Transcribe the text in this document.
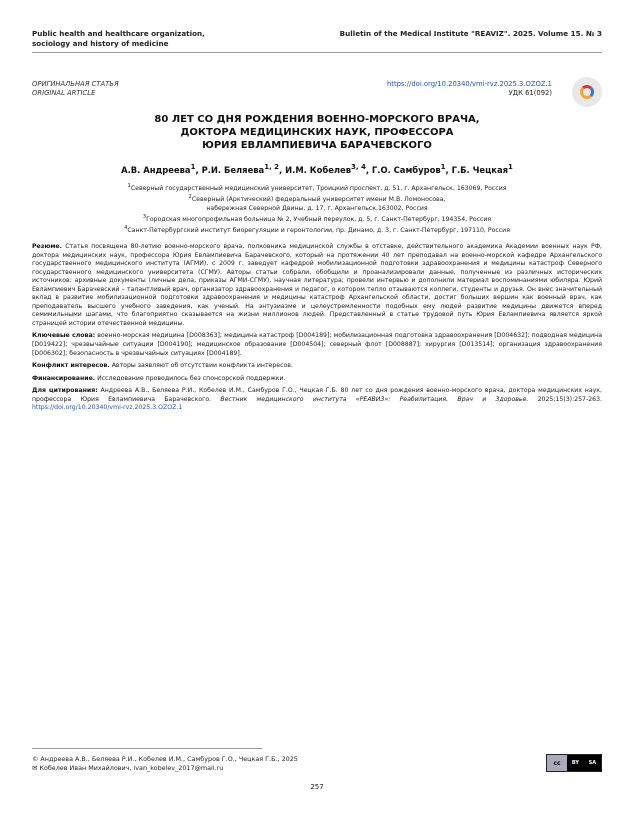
Public health and healthcare organization,
sociology and history of medicine
Bulletin of the Medical Institute "REAVIZ". 2025. Volume 15. № 3
ОРИГИНАЛЬНАЯ СТАТЬЯ
ORIGINAL ARTICLE
https://doi.org/10.20340/vmi-rvz.2025.3.OZOZ.1
УДК 61(092)
80 ЛЕТ СО ДНЯ РОЖДЕНИЯ ВОЕННО-МОРСКОГО ВРАЧА,
ДОКТОРА МЕДИЦИНСКИХ НАУК, ПРОФЕССОРА
ЮРИЯ ЕВЛАМПИЕВИЧА БАРАЧЕВСКОГО
А.В. Андреева$^1$, Р.И. Беляева$^{1, 2}$, И.М. Кобелев$^{3, 4}$, Г.О. Самбуров$^1$, Г.Б. Чецкая$^1$
$^1$Северный государственный медицинский университет, Троицкий проспект, д. 51, г. Архангельск, 163069, Россия
$^2$Северный (Арктический) федеральный университет имени М.В. Ломоносова,
набережная Северной Двины, д. 17, г. Архангельск,163002, Россия
$^3$Городская многопрофильная больница № 2, Учебный переулок, д. 5, г. Санкт-Петербург, 194354, Россия
$^4$Санкт-Петербургский институт биорегуляции и геронтологии, пр. Динамо, д. 3, г. Санкт-Петербург, 197110, Россия

Резюме. Статья посвящена 80-летию военно-морского врача, полковника медицинской службы в отставке, действительного академика Академии военных наук РФ, доктора медицинских наук, профессора Юрия Евлампиевича Барачевского, который на протяжении 40 лет преподавал на военно-морской кафедре Архангельского государственного медицинского института (АГМИ), с 2009 г. заведует кафедрой мобилизационной подготовки здравоохранения и медицины катастроф Северного государственного медицинского университета (СГМУ). Авторы статьи собрали, обобщили и проанализировали данные, полученные из различных исторических источников: архивные документы (личные дела, приказы АГМИ-СГМУ), научная литература; провели интервью и дополнили материал воспоминаниями юбиляра. Юрий Евлампиевич Барачевский – талантливый врач, организатор здравоохранения и педагог, о котором тепло отзываются коллеги, студенты и друзья. Он внес значительный вклад в развитие мобилизационной подготовки здравоохранения и медицины катастроф Архангельской области, достиг больших вершин как военный врач, как преподаватель высшего учебного заведения, как ученый. На энтузиазме и целеустремленности подобных ему людей развитие медицины движется вперед семимильными шагами, что благоприятно сказывается на жизни миллионов людей. Представленный в статье трудовой путь Юрия Евлампиевича является яркой страницей истории отечественной медицины.

Ключевые слова: военно-морская медицина [D008363]; медицина катастроф [D004189]; мобилизационная подготовка здравоохранения [D004632]; подводная медицина [D019422]; чрезвычайные ситуации [D004190]; медицинское образование [D004504]; северный флот [D008887]; хирургия [D013514]; организация здравоохранения [D006302]; безопасность в чрезвычайных ситуациях [D004189].

Конфликт интересов. Авторы заявляют об отсутствии конфликта интересов.

Финансирование. Исследование проводилось без спонсорской поддержки.

Для цитирования: Андреева А.В., Беляева Р.И., Кобелев И.М., Самбуров Г.О., Чецкая Г.Б. 80 лет со дня рождения военно-морского врача, доктора медицинских наук, профессора Юрия Евлампиевича Барачевского. Вестник медицинского института «РЕАВИЗ»: Реабилитация, Врач и Здоровье. 2025;15(3):257-263. https://doi.org/10.20340/vmi-rvz.2025.3.OZOZ.1

© Андреева А.В., Беляева Р.И., Кобелев И.М., Самбуров Г.О., Чецкая Г.Б., 2025
✉ Кобелев Иван Михайлович, ivan_kobelev_2017@mail.ru
cc	BY SA
257
